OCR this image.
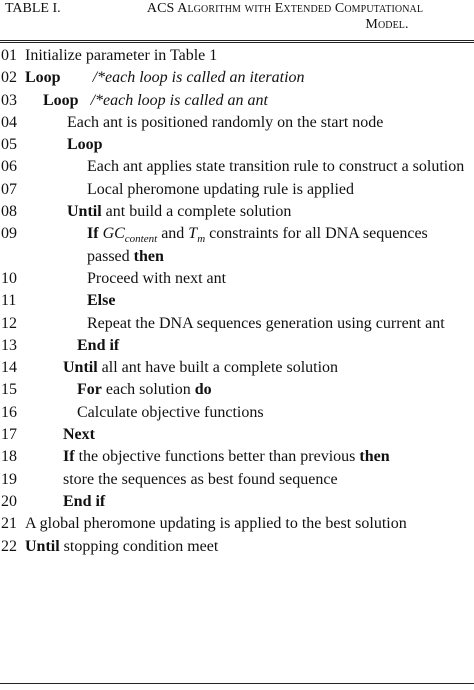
TABLE I.	ACS Algorithm with Extended Computational
Model.
01 Initialize parameter in Table 1
02 Loop /*each loop is called an iteration
03	Loop /*each loop is called an ant
04	Each ant is positioned randomly on the start node
05	Loop
06	Each ant applies state transition rule to construct a solution
07	Local pheromone updating rule is applied
08	Until ant build a complete solution
09	If $GC_{content}$ and $T_m$ constraints for all DNA sequences passed then
10	Proceed with next ant
11	Else
12	Repeat the DNA sequences generation using current ant
13	End if
14	Until all ant have built a complete solution
15	For each solution do
16	Calculate objective functions
17	Next
18	If the objective functions better than previous then
19	store the sequences as best found sequence
20	End if
21 A global pheromone updating is applied to the best solution
22 Until stopping condition meet
